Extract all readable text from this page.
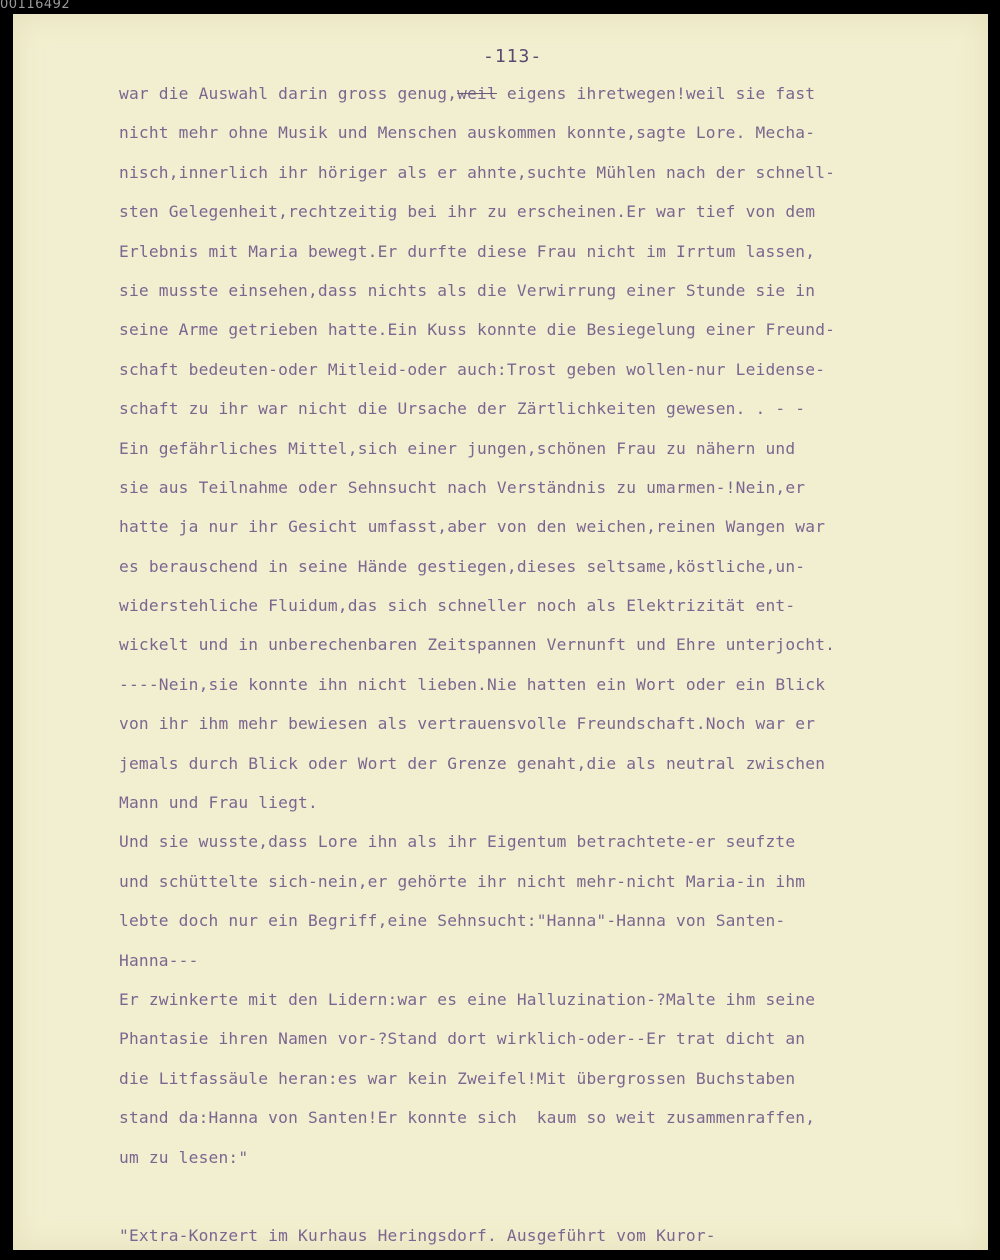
00116492
-113-
war die Auswahl darin gross genug,weil eigens ihretwegen!weil sie fast
nicht mehr ohne Musik und Menschen auskommen konnte,sagte Lore. Mecha-
nisch,innerlich ihr höriger als er ahnte,suchte Mühlen nach der schnell-
sten Gelegenheit,rechtzeitig bei ihr zu erscheinen.Er war tief von dem
Erlebnis mit Maria bewegt.Er durfte diese Frau nicht im Irrtum lassen,
sie musste einsehen,dass nichts als die Verwirrung einer Stunde sie in
seine Arme getrieben hatte.Ein Kuss konnte die Besiegelung einer Freund-
schaft bedeuten-oder Mitleid-oder auch:Trost geben wollen-nur Leidense-
schaft zu ihr war nicht die Ursache der Zärtlichkeiten gewesen. . - -
Ein gefährliches Mittel,sich einer jungen,schönen Frau zu nähern und
sie aus Teilnahme oder Sehnsucht nach Verständnis zu umarmen-!Nein,er
hatte ja nur ihr Gesicht umfasst,aber von den weichen,reinen Wangen war
es berauschend in seine Hände gestiegen,dieses seltsame,köstliche,un-
widerstehliche Fluidum,das sich schneller noch als Elektrizität ent-
wickelt und in unberechenbaren Zeitspannen Vernunft und Ehre unterjocht.
----Nein,sie konnte ihn nicht lieben.Nie hatten ein Wort oder ein Blick
von ihr ihm mehr bewiesen als vertrauensvolle Freundschaft.Noch war er
jemals durch Blick oder Wort der Grenze genaht,die als neutral zwischen
Mann und Frau liegt.
Und sie wusste,dass Lore ihn als ihr Eigentum betrachtete-er seufzte
und schüttelte sich-nein,er gehörte ihr nicht mehr-nicht Maria-in ihm
lebte doch nur ein Begriff,eine Sehnsucht:"Hanna"-Hanna von Santen-
Hanna---
Er zwinkerte mit den Lidern:war es eine Halluzination-?Malte ihm seine
Phantasie ihren Namen vor-?Stand dort wirklich-oder--Er trat dicht an
die Litfassäule heran:es war kein Zweifel!Mit übergrossen Buchstaben
stand da:Hanna von Santen!Er konnte sich  kaum so weit zusammenraffen,
um zu lesen:"
"Extra-Konzert im Kurhaus Heringsdorf. Ausgeführt vom Kuror-
